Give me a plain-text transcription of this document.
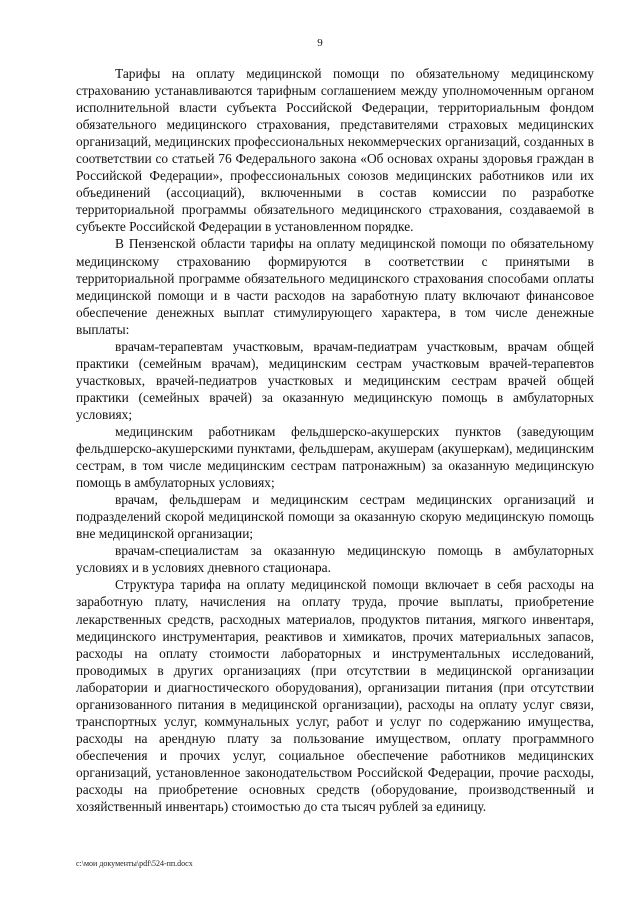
9

Тарифы на оплату медицинской помощи по обязательному медицинскому страхованию устанавливаются тарифным соглашением между уполномоченным органом исполнительной власти субъекта Российской Федерации, территориальным фондом обязательного медицинского страхования, представителями страховых медицинских организаций, медицинских профессиональных некоммерческих организаций, созданных в соответствии со статьей 76 Федерального закона «Об основах охраны здоровья граждан в Российской Федерации», профессиональных союзов медицинских работников или их объединений (ассоциаций), включенными в состав комиссии по разработке территориальной программы обязательного медицинского страхования, создаваемой в субъекте Российской Федерации в установленном порядке.

В Пензенской области тарифы на оплату медицинской помощи по обязательному медицинскому страхованию формируются в соответствии с принятыми в территориальной программе обязательного медицинского страхования способами оплаты медицинской помощи и в части расходов на заработную плату включают финансовое обеспечение денежных выплат стимулирующего характера, в том числе денежные выплаты:

врачам-терапевтам участковым, врачам-педиатрам участковым, врачам общей практики (семейным врачам), медицинским сестрам участковым врачей-терапевтов участковых, врачей-педиатров участковых и медицинским сестрам врачей общей практики (семейных врачей) за оказанную медицинскую помощь в амбулаторных условиях;

медицинским работникам фельдшерско-акушерских пунктов (заведующим фельдшерско-акушерскими пунктами, фельдшерам, акушерам (акушеркам), медицинским сестрам, в том числе медицинским сестрам патронажным) за оказанную медицинскую помощь в амбулаторных условиях;

врачам, фельдшерам и медицинским сестрам медицинских организаций и подразделений скорой медицинской помощи за оказанную скорую медицинскую помощь вне медицинской организации;

врачам-специалистам за оказанную медицинскую помощь в амбулаторных условиях и в условиях дневного стационара.

Структура тарифа на оплату медицинской помощи включает в себя расходы на заработную плату, начисления на оплату труда, прочие выплаты, приобретение лекарственных средств, расходных материалов, продуктов питания, мягкого инвентаря, медицинского инструментария, реактивов и химикатов, прочих материальных запасов, расходы на оплату стоимости лабораторных и инструментальных исследований, проводимых в других организациях (при отсутствии в медицинской организации лаборатории и диагностического оборудования), организации питания (при отсутствии организованного питания в медицинской организации), расходы на оплату услуг связи, транспортных услуг, коммунальных услуг, работ и услуг по содержанию имущества, расходы на арендную плату за пользование имуществом, оплату программного обеспечения и прочих услуг, социальное обеспечение работников медицинских организаций, установленное законодательством Российской Федерации, прочие расходы, расходы на приобретение основных средств (оборудование, производственный и хозяйственный инвентарь) стоимостью до ста тысяч рублей за единицу.

c:\мои документы\pdf\524-пп.docx
